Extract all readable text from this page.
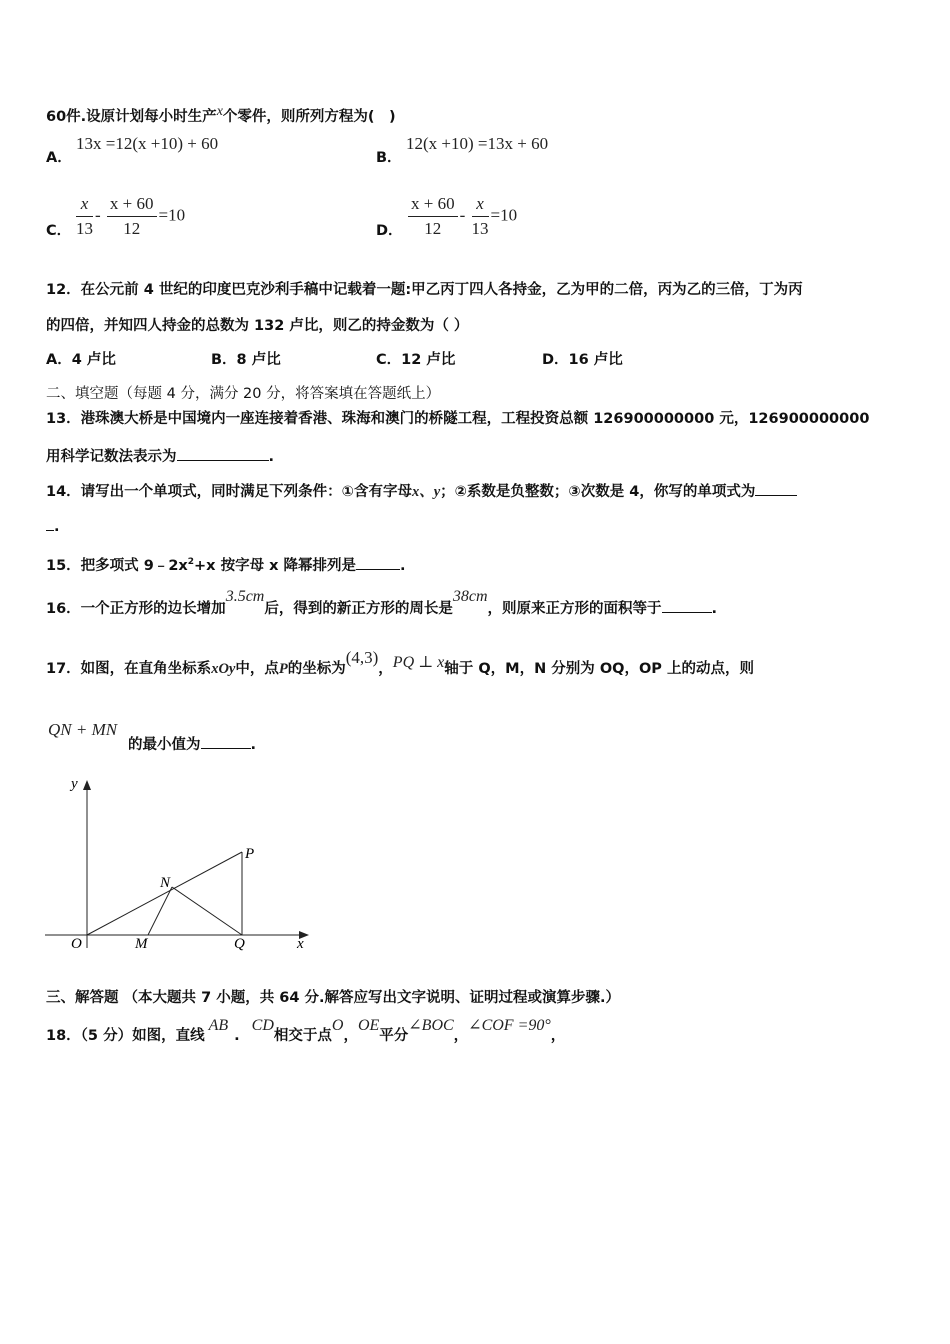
60件.设原计划每小时生产x个零件，则所列方程为(　)
A．
13x =12(x +10) + 60
B．
12(x +10) =13x + 60
C． $\frac{x}{13} - \frac{x + 60}{12} =10$
D． $\frac{x + 60}{12} - \frac{x}{13} =10$
12．在公元前 4 世纪的印度巴克沙利手稿中记载着一题:甲乙丙丁四人各持金，乙为甲的二倍，丙为乙的三倍，丁为丙
的四倍，并知四人持金的总数为 132 卢比，则乙的持金数为（ ）
A．4 卢比	B．8 卢比	C．12 卢比	D．16 卢比
二、填空题（每题 4 分，满分 20 分，将答案填在答题纸上）
13．港珠澳大桥是中国境内一座连接着香港、珠海和澳门的桥隧工程，工程投资总额 126900000000 元，126900000000
用科学记数法表示为	.
14．请写出一个单项式，同时满足下列条件：①含有字母x、y；②系数是负整数；③次数是 4，你写的单项式为
.
15．把多项式 $9﹣2x^2+x$ 按字母 x 降幂排列是	.
16．一个正方形的边长增加3.5cm后，得到的新正方形的周长是38cm，则原来正方形的面积等于	.
17．如图，在直角坐标系xOy中，点P的坐标为(4,3)，PQ ⊥ x轴于 Q，M，N 分别为 OQ，OP 上的动点，则
QN + MN
的最小值为	.
y
x
O	M	Q
N
P
三、解答题 （本大题共 7 小题，共 64 分.解答应写出文字说明、证明过程或演算步骤.）
18．（5 分）如图，直线AB.CD相交于点O，OE平分∠BOC，∠COF =90°，
